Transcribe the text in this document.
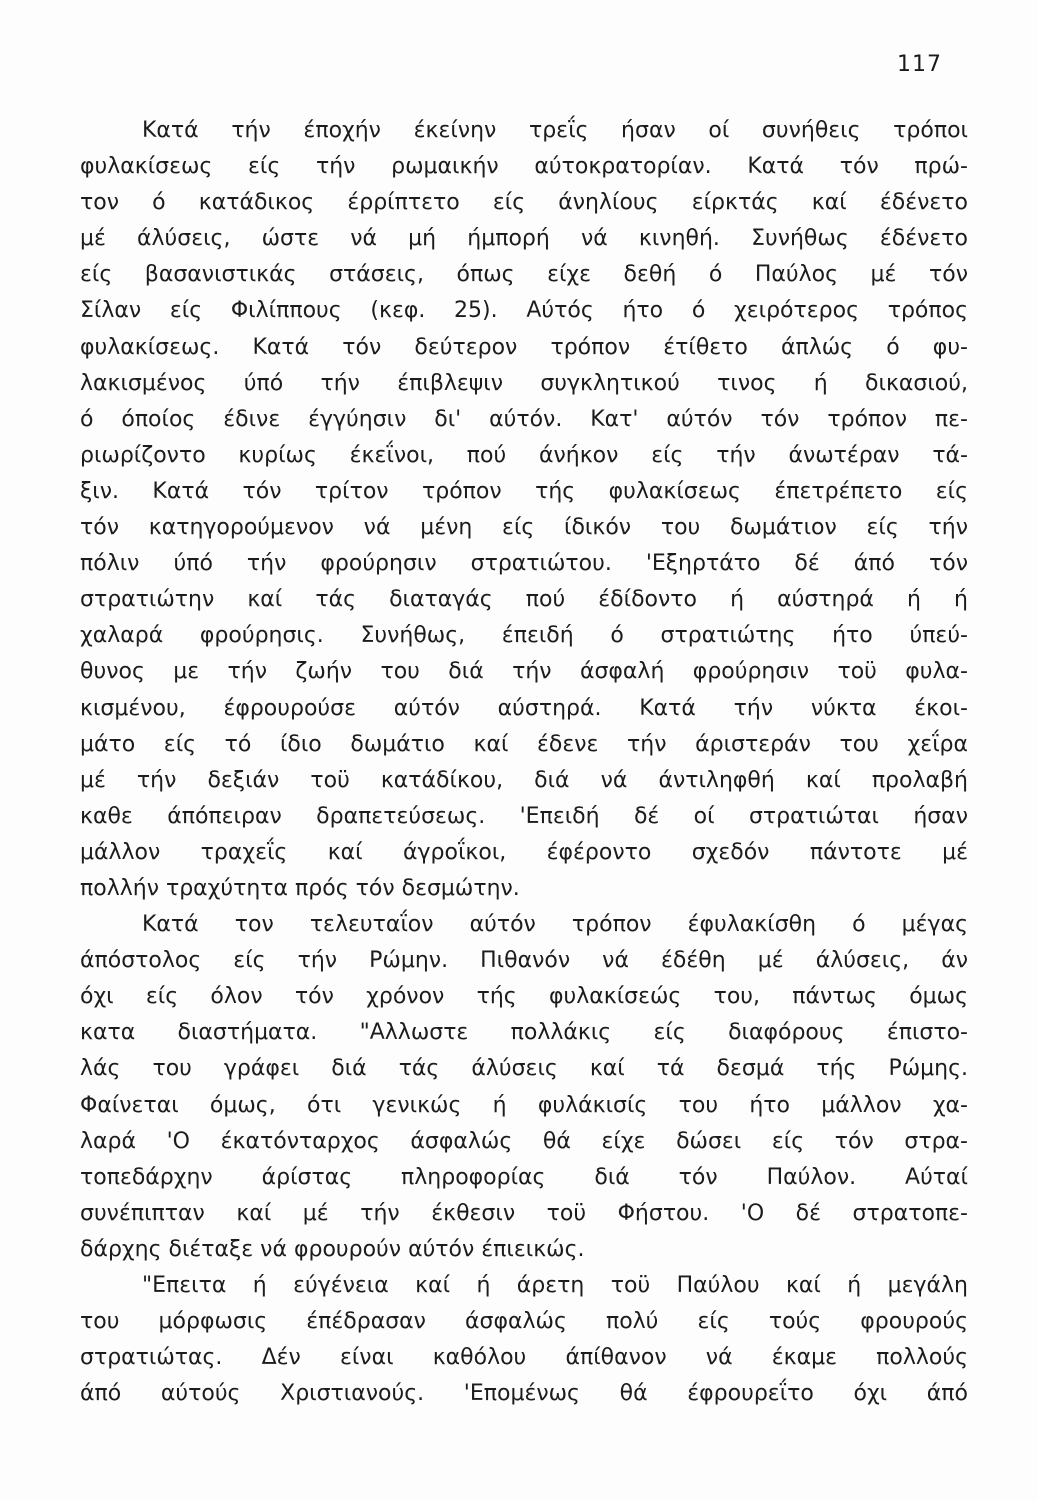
117
Κατά τήν έποχήν έκείνην τρεΐς ήσαν οί συνήθεις τρόποι
φυλακίσεως είς τήν ρωμαικήν αύτοκρατορίαν. Κατά τόν πρώ-
τον ό κατάδικος έρρίπτετο είς άνηλίους είρκτάς καί έδένετο
μέ άλύσεις, ώστε νά μή ήμπορή νά κινηθή. Συνήθως έδένετο
είς βασανιστικάς στάσεις, όπως είχε δεθή ό Παύλος μέ τόν
Σίλαν είς Φιλίππους (κεφ. 25). Αύτός ήτο ό χειρότερος τρόπος
φυλακίσεως. Κατά τόν δεύτερον τρόπον έτίθετο άπλώς ό φυ-
λακισμένος ύπό τήν έπιβλεψιν συγκλητικού τινος ή δικασιού,
ό όποίος έδινε έγγύησιν δι' αύτόν. Κατ' αύτόν τόν τρόπον πε-
ριωρίζοντο κυρίως έκεΐνοι, πού άνήκον είς τήν άνωτέραν τά-
ξιν. Κατά τόν τρίτον τρόπον τής φυλακίσεως έπετρέπετο είς
τόν κατηγορούμενον νά μένη είς ίδικόν του δωμάτιον είς τήν
πόλιν ύπό τήν φρούρησιν στρατιώτου. 'Εξηρτάτο δέ άπό τόν
στρατιώτην καί τάς διαταγάς πού έδίδοντο ή αύστηρά ή ή
χαλαρά φρούρησις. Συνήθως, έπειδή ό στρατιώτης ήτο ύπεύ-
θυνος με τήν ζωήν του διά τήν άσφαλή φρούρησιν τοϋ φυλα-
κισμένου, έφρουρούσε αύτόν αύστηρά. Κατά τήν νύκτα έκοι-
μάτο είς τό ίδιο δωμάτιο καί έδενε τήν άριστεράν του χεΐρα
μέ τήν δεξιάν τοϋ κατάδίκου, διά νά άντιληφθή καί προλαβή
καθε άπόπειραν δραπετεύσεως. 'Επειδή δέ οί στρατιώται ήσαν
μάλλον τραχεΐς καί άγροΐκοι, έφέροντο σχεδόν πάντοτε μέ
πολλήν τραχύτητα πρός τόν δεσμώτην.
Κατά τον τελευταΐον αύτόν τρόπον έφυλακίσθη ό μέγας
άπόστολος είς τήν Ρώμην. Πιθανόν νά έδέθη μέ άλύσεις, άν
όχι είς όλον τόν χρόνον τής φυλακίσεώς του, πάντως όμως
κατα διαστήματα. "Αλλωστε πολλάκις είς διαφόρους έπιστο-
λάς του γράφει διά τάς άλύσεις καί τά δεσμά τής Ρώμης.
Φαίνεται όμως, ότι γενικώς ή φυλάκισίς του ήτο μάλλον χα-
λαρά 'Ο έκατόνταρχος άσφαλώς θά είχε δώσει είς τόν στρα-
τοπεδάρχην άρίστας πληροφορίας διά τόν Παύλον. Αύταί
συνέπιπταν καί μέ τήν έκθεσιν τοϋ Φήστου. 'Ο δέ στρατοπε-
δάρχης διέταξε νά φρουρούν αύτόν έπιεικώς.
"Επειτα ή εύγένεια καί ή άρετη τοϋ Παύλου καί ή μεγάλη
του μόρφωσις έπέδρασαν άσφαλώς πολύ είς τούς φρουρούς
στρατιώτας. Δέν είναι καθόλου άπίθανον νά έκαμε πολλούς
άπό αύτούς Χριστιανούς. 'Επομένως θά έφρουρεΐτο όχι άπό
